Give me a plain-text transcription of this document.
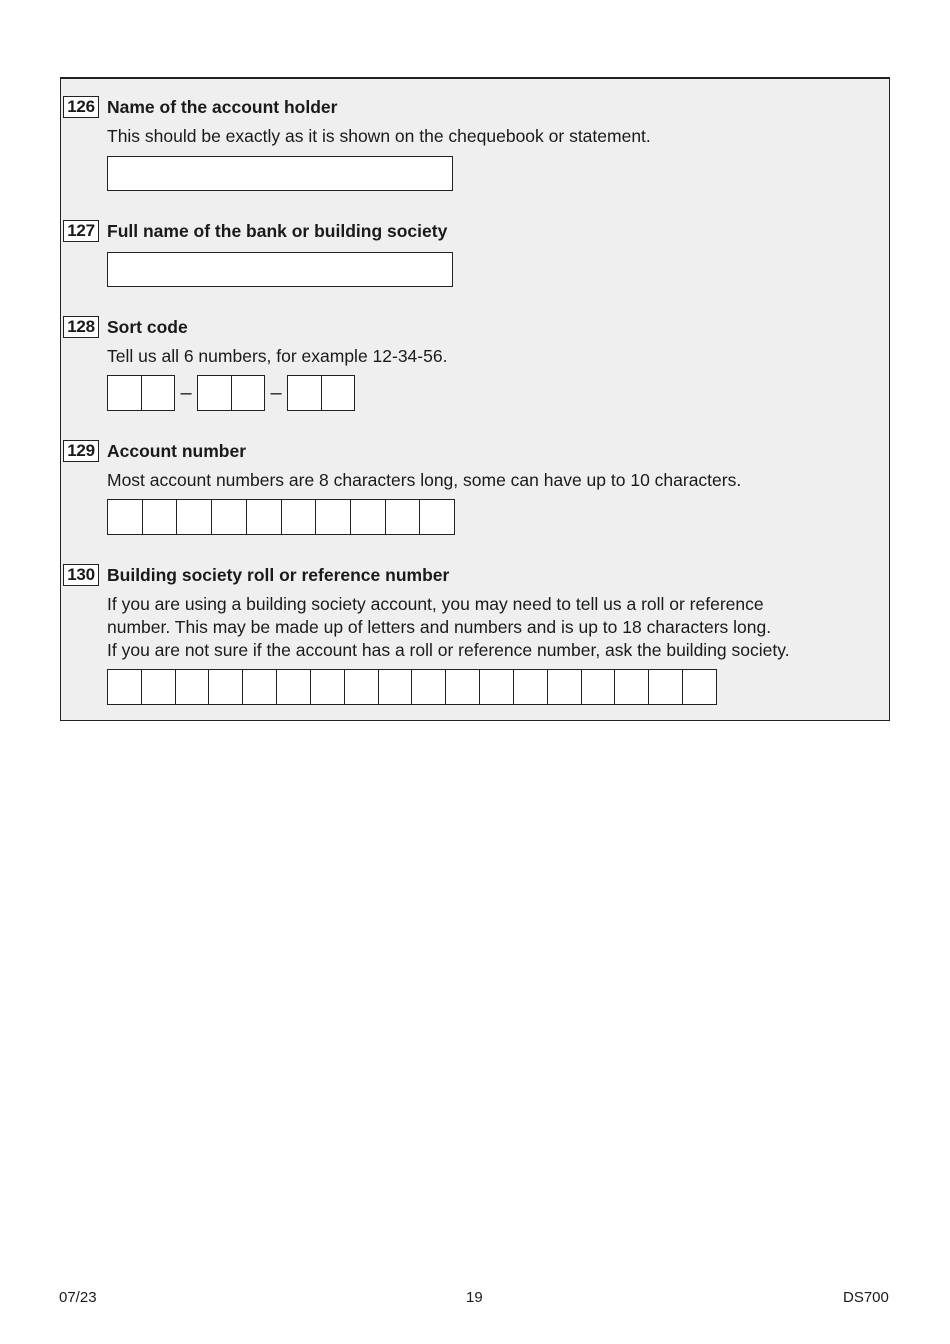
126 Name of the account holder
This should be exactly as it is shown on the chequebook or statement.
127 Full name of the bank or building society
128 Sort code
Tell us all 6 numbers, for example 12-34-56.
–	–
129 Account number
Most account numbers are 8 characters long, some can have up to 10 characters.
130 Building society roll or reference number
If you are using a building society account, you may need to tell us a roll or reference
number. This may be made up of letters and numbers and is up to 18 characters long.
If you are not sure if the account has a roll or reference number, ask the building society.
07/23	19	DS700
